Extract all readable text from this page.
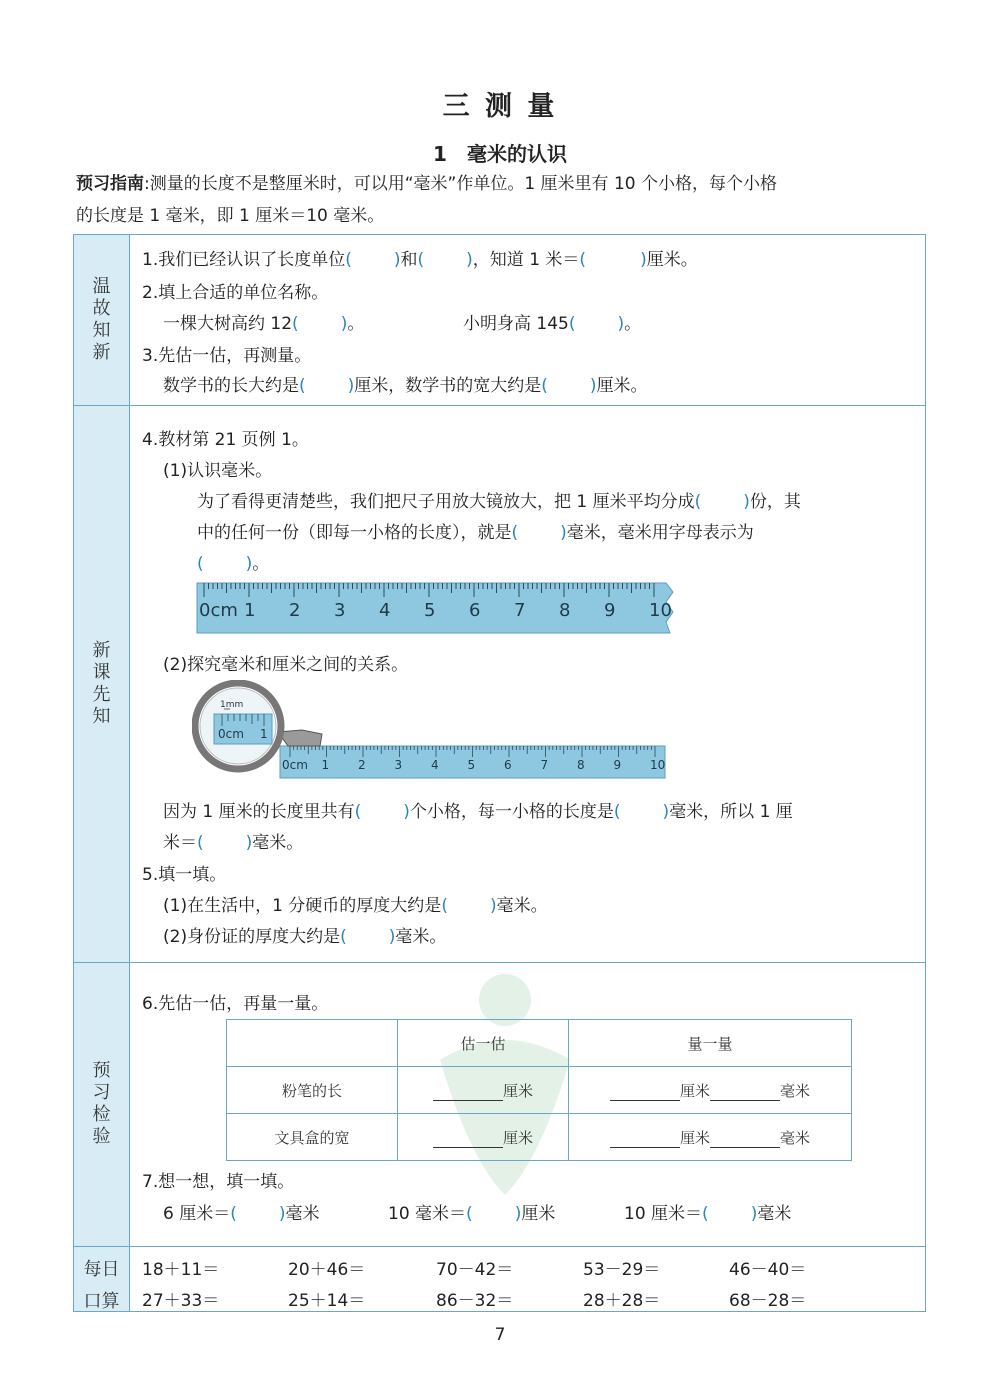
三 测 量
1　毫米的认识
预习指南:测量的长度不是整厘米时，可以用“毫米”作单位。1 厘米里有 10 个小格，每个小格
的长度是 1 毫米，即 1 厘米＝10 毫米。
温
故
知
新
新
课
先
知
预
习
检
验
每日
口算
1.我们已经认识了长度单位( )和( )，知道 1 米＝(	)厘米。
2.填上合适的单位名称。
一棵大树高约 12( )。	小明身高 145( )。
3.先估一估，再测量。
数学书的长大约是( )厘米，数学书的宽大约是( )厘米。
4.教材第 21 页例 1。
(1)认识毫米。
为了看得更清楚些，我们把尺子用放大镜放大，把 1 厘米平均分成( )份，其
中的任何一份（即每一小格的长度），就是( )毫米，毫米用字母表示为
( )。
0cm 1 2 3 4 5 6 7 8 9 10
(2)探究毫米和厘米之间的关系。
0cm 1 2 3 4 5 6 7 8 9 10
1mm
0cm 1
因为 1 厘米的长度里共有( )个小格，每一小格的长度是( )毫米，所以 1 厘
米＝( )毫米。
5.填一填。
(1)在生活中，1 分硬币的厚度大约是( )毫米。
(2)身份证的厚度大约是( )毫米。
6.先估一估，再量一量。
	估一估	量一量
粉笔的长	厘米	厘米 毫米
文具盒的宽	厘米	厘米 毫米
7.想一想，填一填。
6 厘米＝( )毫米	10 毫米＝( )厘米	10 厘米＝( )毫米
18＋11＝	20＋46＝	70－42＝	53－29＝	46－40＝
27＋33＝	25＋14＝	86－32＝	28＋28＝	68－28＝
7
